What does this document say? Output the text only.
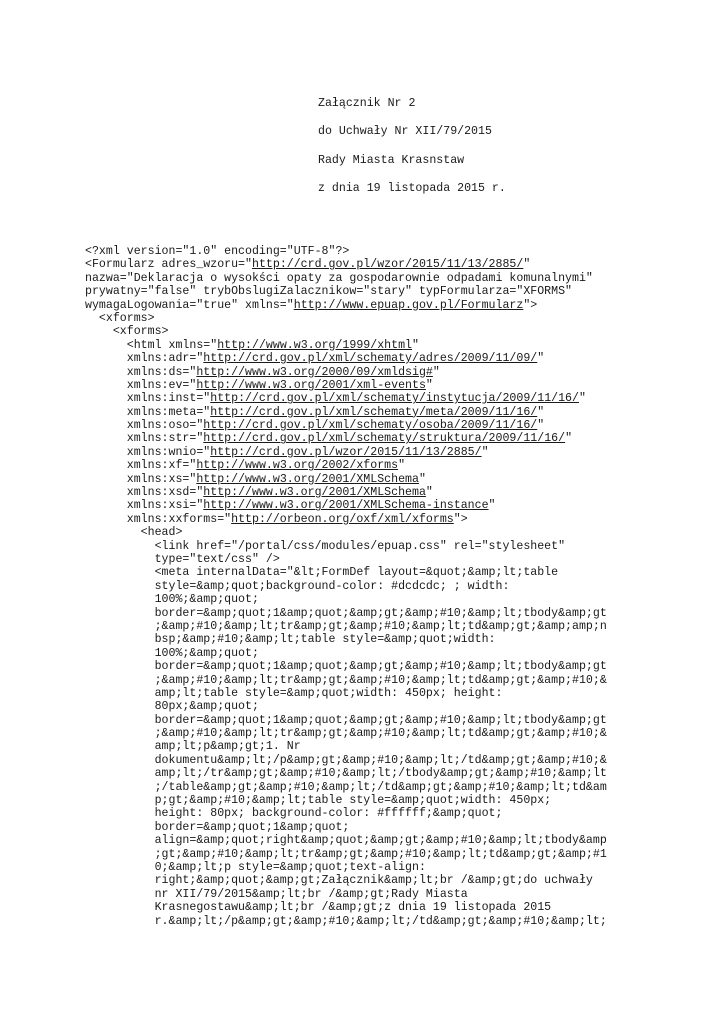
Załącznik Nr 2
do Uchwały Nr XII/79/2015
Rady Miasta Krasnstaw
z dnia 19 listopada 2015 r.
<?xml version="1.0" encoding="UTF-8"?>
<Formularz adres_wzoru="http://crd.gov.pl/wzor/2015/11/13/2885/"
nazwa="Deklaracja o wysokści opaty za gospodarownie odpadami komunalnymi"
prywatny="false" trybObslugiZalacznikow="stary" typFormularza="XFORMS"
wymagaLogowania="true" xmlns="http://www.epuap.gov.pl/Formularz">
<xforms>
<xforms>
<html xmlns="http://www.w3.org/1999/xhtml"
xmlns:adr="http://crd.gov.pl/xml/schematy/adres/2009/11/09/"
xmlns:ds="http://www.w3.org/2000/09/xmldsig#"
xmlns:ev="http://www.w3.org/2001/xml-events"
xmlns:inst="http://crd.gov.pl/xml/schematy/instytucja/2009/11/16/"
xmlns:meta="http://crd.gov.pl/xml/schematy/meta/2009/11/16/"
xmlns:oso="http://crd.gov.pl/xml/schematy/osoba/2009/11/16/"
xmlns:str="http://crd.gov.pl/xml/schematy/struktura/2009/11/16/"
xmlns:wnio="http://crd.gov.pl/wzor/2015/11/13/2885/"
xmlns:xf="http://www.w3.org/2002/xforms"
xmlns:xs="http://www.w3.org/2001/XMLSchema"
xmlns:xsd="http://www.w3.org/2001/XMLSchema"
xmlns:xsi="http://www.w3.org/2001/XMLSchema-instance"
xmlns:xxforms="http://orbeon.org/oxf/xml/xforms">
<head>
<link href="/portal/css/modules/epuap.css" rel="stylesheet"
type="text/css" />
<meta internalData="&lt;FormDef layout=&quot;&amp;lt;table
style=&amp;quot;background-color: #dcdcdc; ; width:
100%;&amp;quot;
border=&amp;quot;1&amp;quot;&amp;gt;&amp;#10;&amp;lt;tbody&amp;gt
;&amp;#10;&amp;lt;tr&amp;gt;&amp;#10;&amp;lt;td&amp;gt;&amp;amp;n
bsp;&amp;#10;&amp;lt;table style=&amp;quot;width:
100%;&amp;quot;
border=&amp;quot;1&amp;quot;&amp;gt;&amp;#10;&amp;lt;tbody&amp;gt
;&amp;#10;&amp;lt;tr&amp;gt;&amp;#10;&amp;lt;td&amp;gt;&amp;#10;&
amp;lt;table style=&amp;quot;width: 450px; height:
80px;&amp;quot;
border=&amp;quot;1&amp;quot;&amp;gt;&amp;#10;&amp;lt;tbody&amp;gt
;&amp;#10;&amp;lt;tr&amp;gt;&amp;#10;&amp;lt;td&amp;gt;&amp;#10;&
amp;lt;p&amp;gt;1. Nr
dokumentu&amp;lt;/p&amp;gt;&amp;#10;&amp;lt;/td&amp;gt;&amp;#10;&
amp;lt;/tr&amp;gt;&amp;#10;&amp;lt;/tbody&amp;gt;&amp;#10;&amp;lt
;/table&amp;gt;&amp;#10;&amp;lt;/td&amp;gt;&amp;#10;&amp;lt;td&am
p;gt;&amp;#10;&amp;lt;table style=&amp;quot;width: 450px;
height: 80px; background-color: #ffffff;&amp;quot;
border=&amp;quot;1&amp;quot;
align=&amp;quot;right&amp;quot;&amp;gt;&amp;#10;&amp;lt;tbody&amp
;gt;&amp;#10;&amp;lt;tr&amp;gt;&amp;#10;&amp;lt;td&amp;gt;&amp;#1
0;&amp;lt;p style=&amp;quot;text-align:
right;&amp;quot;&amp;gt;Załącznik&amp;lt;br /&amp;gt;do uchwały
nr XII/79/2015&amp;lt;br /&amp;gt;Rady Miasta
Krasnegostawu&amp;lt;br /&amp;gt;z dnia 19 listopada 2015
r.&amp;lt;/p&amp;gt;&amp;#10;&amp;lt;/td&amp;gt;&amp;#10;&amp;lt;
